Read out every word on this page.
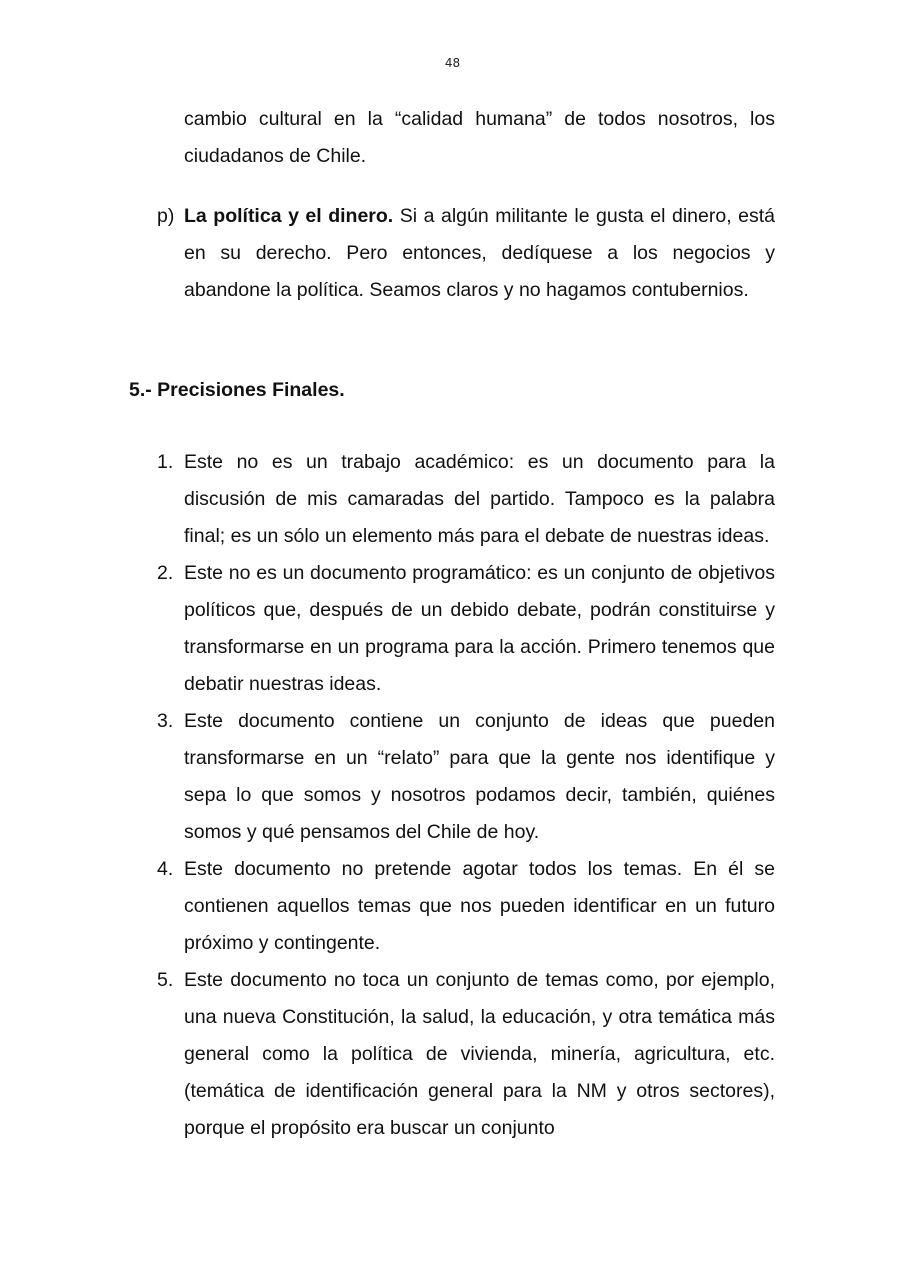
48
cambio cultural en la “calidad humana” de todos nosotros, los ciudadanos de Chile.
p) La política y el dinero. Si a algún militante le gusta el dinero, está en su derecho. Pero entonces, dedíquese a los negocios y abandone la política. Seamos claros y no hagamos contubernios.
5.- Precisiones Finales.
1. Este no es un trabajo académico: es un documento para la discusión de mis camaradas del partido. Tampoco es la palabra final; es un sólo un elemento más para el debate de nuestras ideas.
2. Este no es un documento programático: es un conjunto de objetivos políticos que, después de un debido debate, podrán constituirse y transformarse en un programa para la acción. Primero tenemos que debatir nuestras ideas.
3. Este documento contiene un conjunto de ideas que pueden transformarse en un “relato” para que la gente nos identifique y sepa lo que somos y nosotros podamos decir, también, quiénes somos y qué pensamos del Chile de hoy.
4. Este documento no pretende agotar todos los temas. En él se contienen aquellos temas que nos pueden identificar en un futuro próximo y contingente.
5. Este documento no toca un conjunto de temas como, por ejemplo, una nueva Constitución, la salud, la educación, y otra temática más general como la política de vivienda, minería, agricultura, etc. (temática de identificación general para la NM y otros sectores), porque el propósito era buscar un conjunto
